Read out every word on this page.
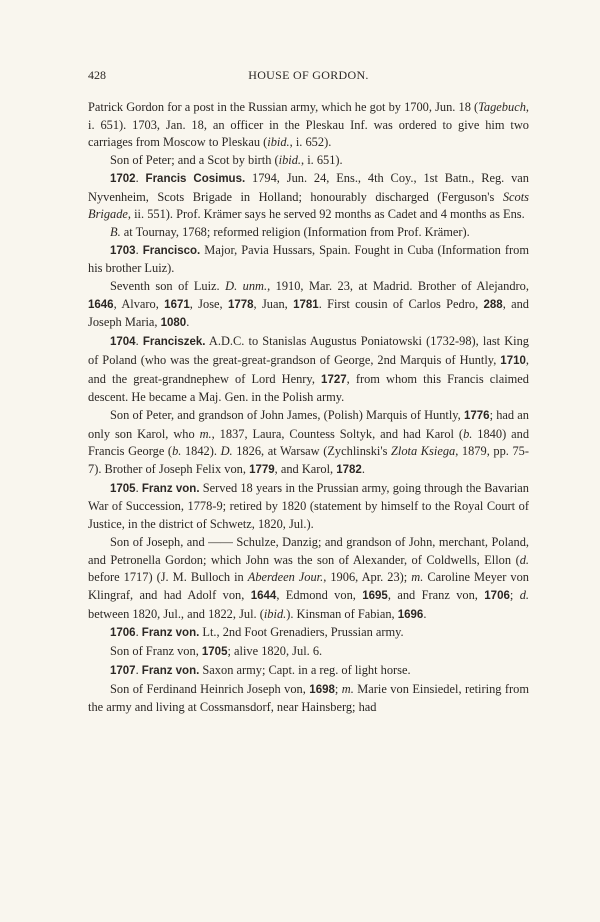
428	HOUSE OF GORDON.

Patrick Gordon for a post in the Russian army, which he got by 1700, Jun. 18 (Tagebuch, i. 651). 1703, Jan. 18, an officer in the Pleskau Inf. was ordered to give him two carriages from Moscow to Pleskau (ibid., i. 652).

Son of Peter; and a Scot by birth (ibid., i. 651).

1702. Francis Cosimus. 1794, Jun. 24, Ens., 4th Coy., 1st Batn., Reg. van Nyvenheim, Scots Brigade in Holland; honourably discharged (Ferguson's Scots Brigade, ii. 551). Prof. Krämer says he served 92 months as Cadet and 4 months as Ens.

B. at Tournay, 1768; reformed religion (Information from Prof. Krämer).

1703. Francisco. Major, Pavia Hussars, Spain. Fought in Cuba (Information from his brother Luiz).

Seventh son of Luiz. D. unm., 1910, Mar. 23, at Madrid. Brother of Alejandro, 1646, Alvaro, 1671, Jose, 1778, Juan, 1781. First cousin of Carlos Pedro, 288, and Joseph Maria, 1080.

1704. Franciszek. A.D.C. to Stanislas Augustus Poniatowski (1732-98), last King of Poland (who was the great-great-grandson of George, 2nd Marquis of Huntly, 1710, and the great-grandnephew of Lord Henry, 1727, from whom this Francis claimed descent. He became a Maj. Gen. in the Polish army.

Son of Peter, and grandson of John James, (Polish) Marquis of Huntly, 1776; had an only son Karol, who m., 1837, Laura, Countess Soltyk, and had Karol (b. 1840) and Francis George (b. 1842). D. 1826, at Warsaw (Zychlinski's Zlota Ksiega, 1879, pp. 75-7). Brother of Joseph Felix von, 1779, and Karol, 1782.

1705. Franz von. Served 18 years in the Prussian army, going through the Bavarian War of Succession, 1778-9; retired by 1820 (statement by himself to the Royal Court of Justice, in the district of Schwetz, 1820, Jul.).

Son of Joseph, and —— Schulze, Danzig; and grandson of John, merchant, Poland, and Petronella Gordon; which John was the son of Alexander, of Coldwells, Ellon (d. before 1717) (J. M. Bulloch in Aberdeen Jour., 1906, Apr. 23); m. Caroline Meyer von Klingraf, and had Adolf von, 1644, Edmond von, 1695, and Franz von, 1706; d. between 1820, Jul., and 1822, Jul. (ibid.). Kinsman of Fabian, 1696.

1706. Franz von. Lt., 2nd Foot Grenadiers, Prussian army.

Son of Franz von, 1705; alive 1820, Jul. 6.

1707. Franz von. Saxon army; Capt. in a reg. of light horse.

Son of Ferdinand Heinrich Joseph von, 1698; m. Marie von Einsiedel, retiring from the army and living at Cossmansdorf, near Hainsberg; had
